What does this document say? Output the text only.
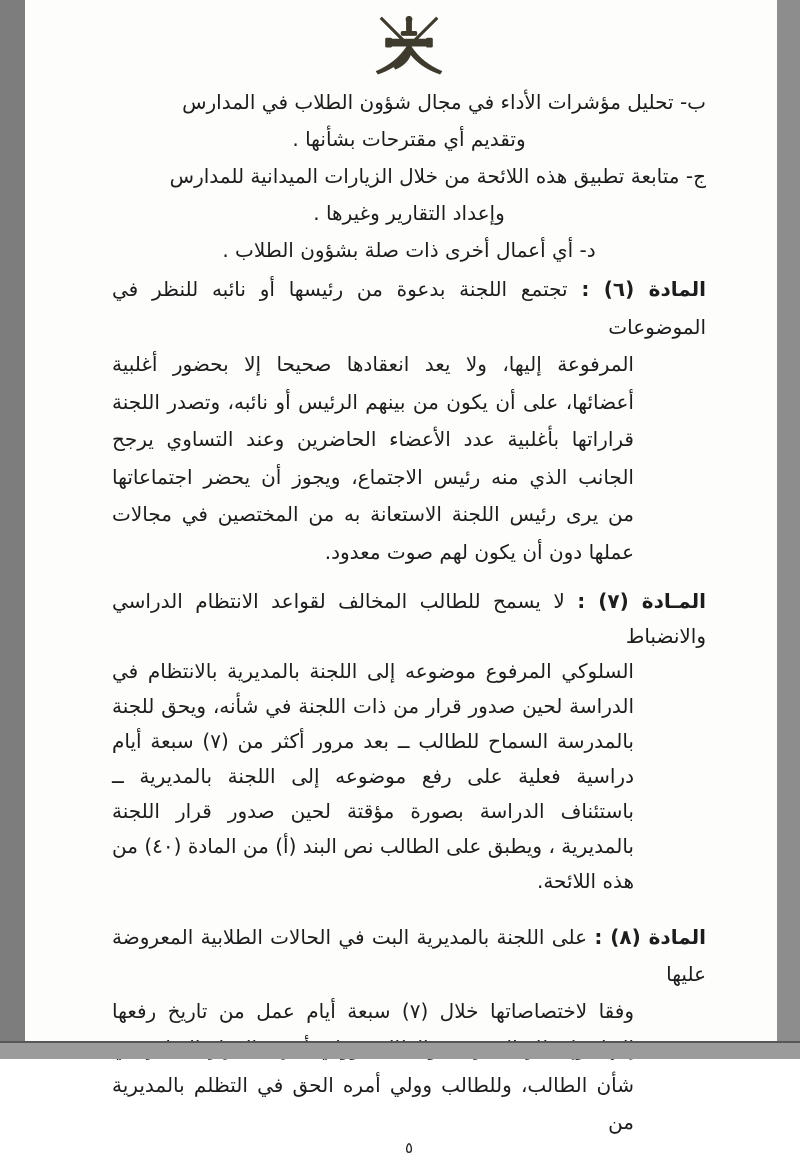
ب- تحليل مؤشرات الأداء في مجال شؤون الطلاب في المدارس
وتقديم أي مقترحات بشأنها .
ج- متابعة تطبيق هذه اللائحة من خلال الزيارات الميدانية للمدارس
وإعداد التقارير وغيرها .
د- أي أعمال أخرى ذات صلة بشؤون الطلاب .
المادة (٦) : تجتمع اللجنة بدعوة من رئيسها أو نائبه للنظر في الموضوعات
المرفوعة إليها، ولا يعد انعقادها صحيحا إلا بحضور أغلبية
أعضائها، على أن يكون من بينهم الرئيس أو نائبه، وتصدر اللجنة
قراراتها بأغلبية عدد الأعضاء الحاضرين وعند التساوي يرجح
الجانب الذي منه رئيس الاجتماع، ويجوز أن يحضر اجتماعاتها
من يرى رئيس اللجنة الاستعانة به من المختصين في مجالات
عملها دون أن يكون لهم صوت معدود.
المـادة (٧) : لا يسمح للطالب المخالف لقواعد الانتظام الدراسي والانضباط
السلوكي المرفوع موضوعه إلى اللجنة بالمديرية بالانتظام في
الدراسة لحين صدور قرار من ذات اللجنة في شأنه، ويحق للجنة
بالمدرسة السماح للطالب ــ بعد مرور أكثر من (٧) سبعة أيام
دراسية فعلية على رفع موضوعه إلى اللجنة بالمديرية ــ
باستئناف الدراسة بصورة مؤقتة لحين صدور قرار اللجنة
بالمديرية ، ويطبق على الطالب نص البند (أ) من المادة (٤٠) من
هذه اللائحة.
المادة (٨) : على اللجنة بالمديرية البت في الحالات الطلابية المعروضة عليها
وفقا لاختصاصاتها خلال (٧) سبعة أيام عمل من تاريخ رفعها
شأن الطالب، وللطالب وولي أمره الحق في التظلم بالمديرية من
٥
